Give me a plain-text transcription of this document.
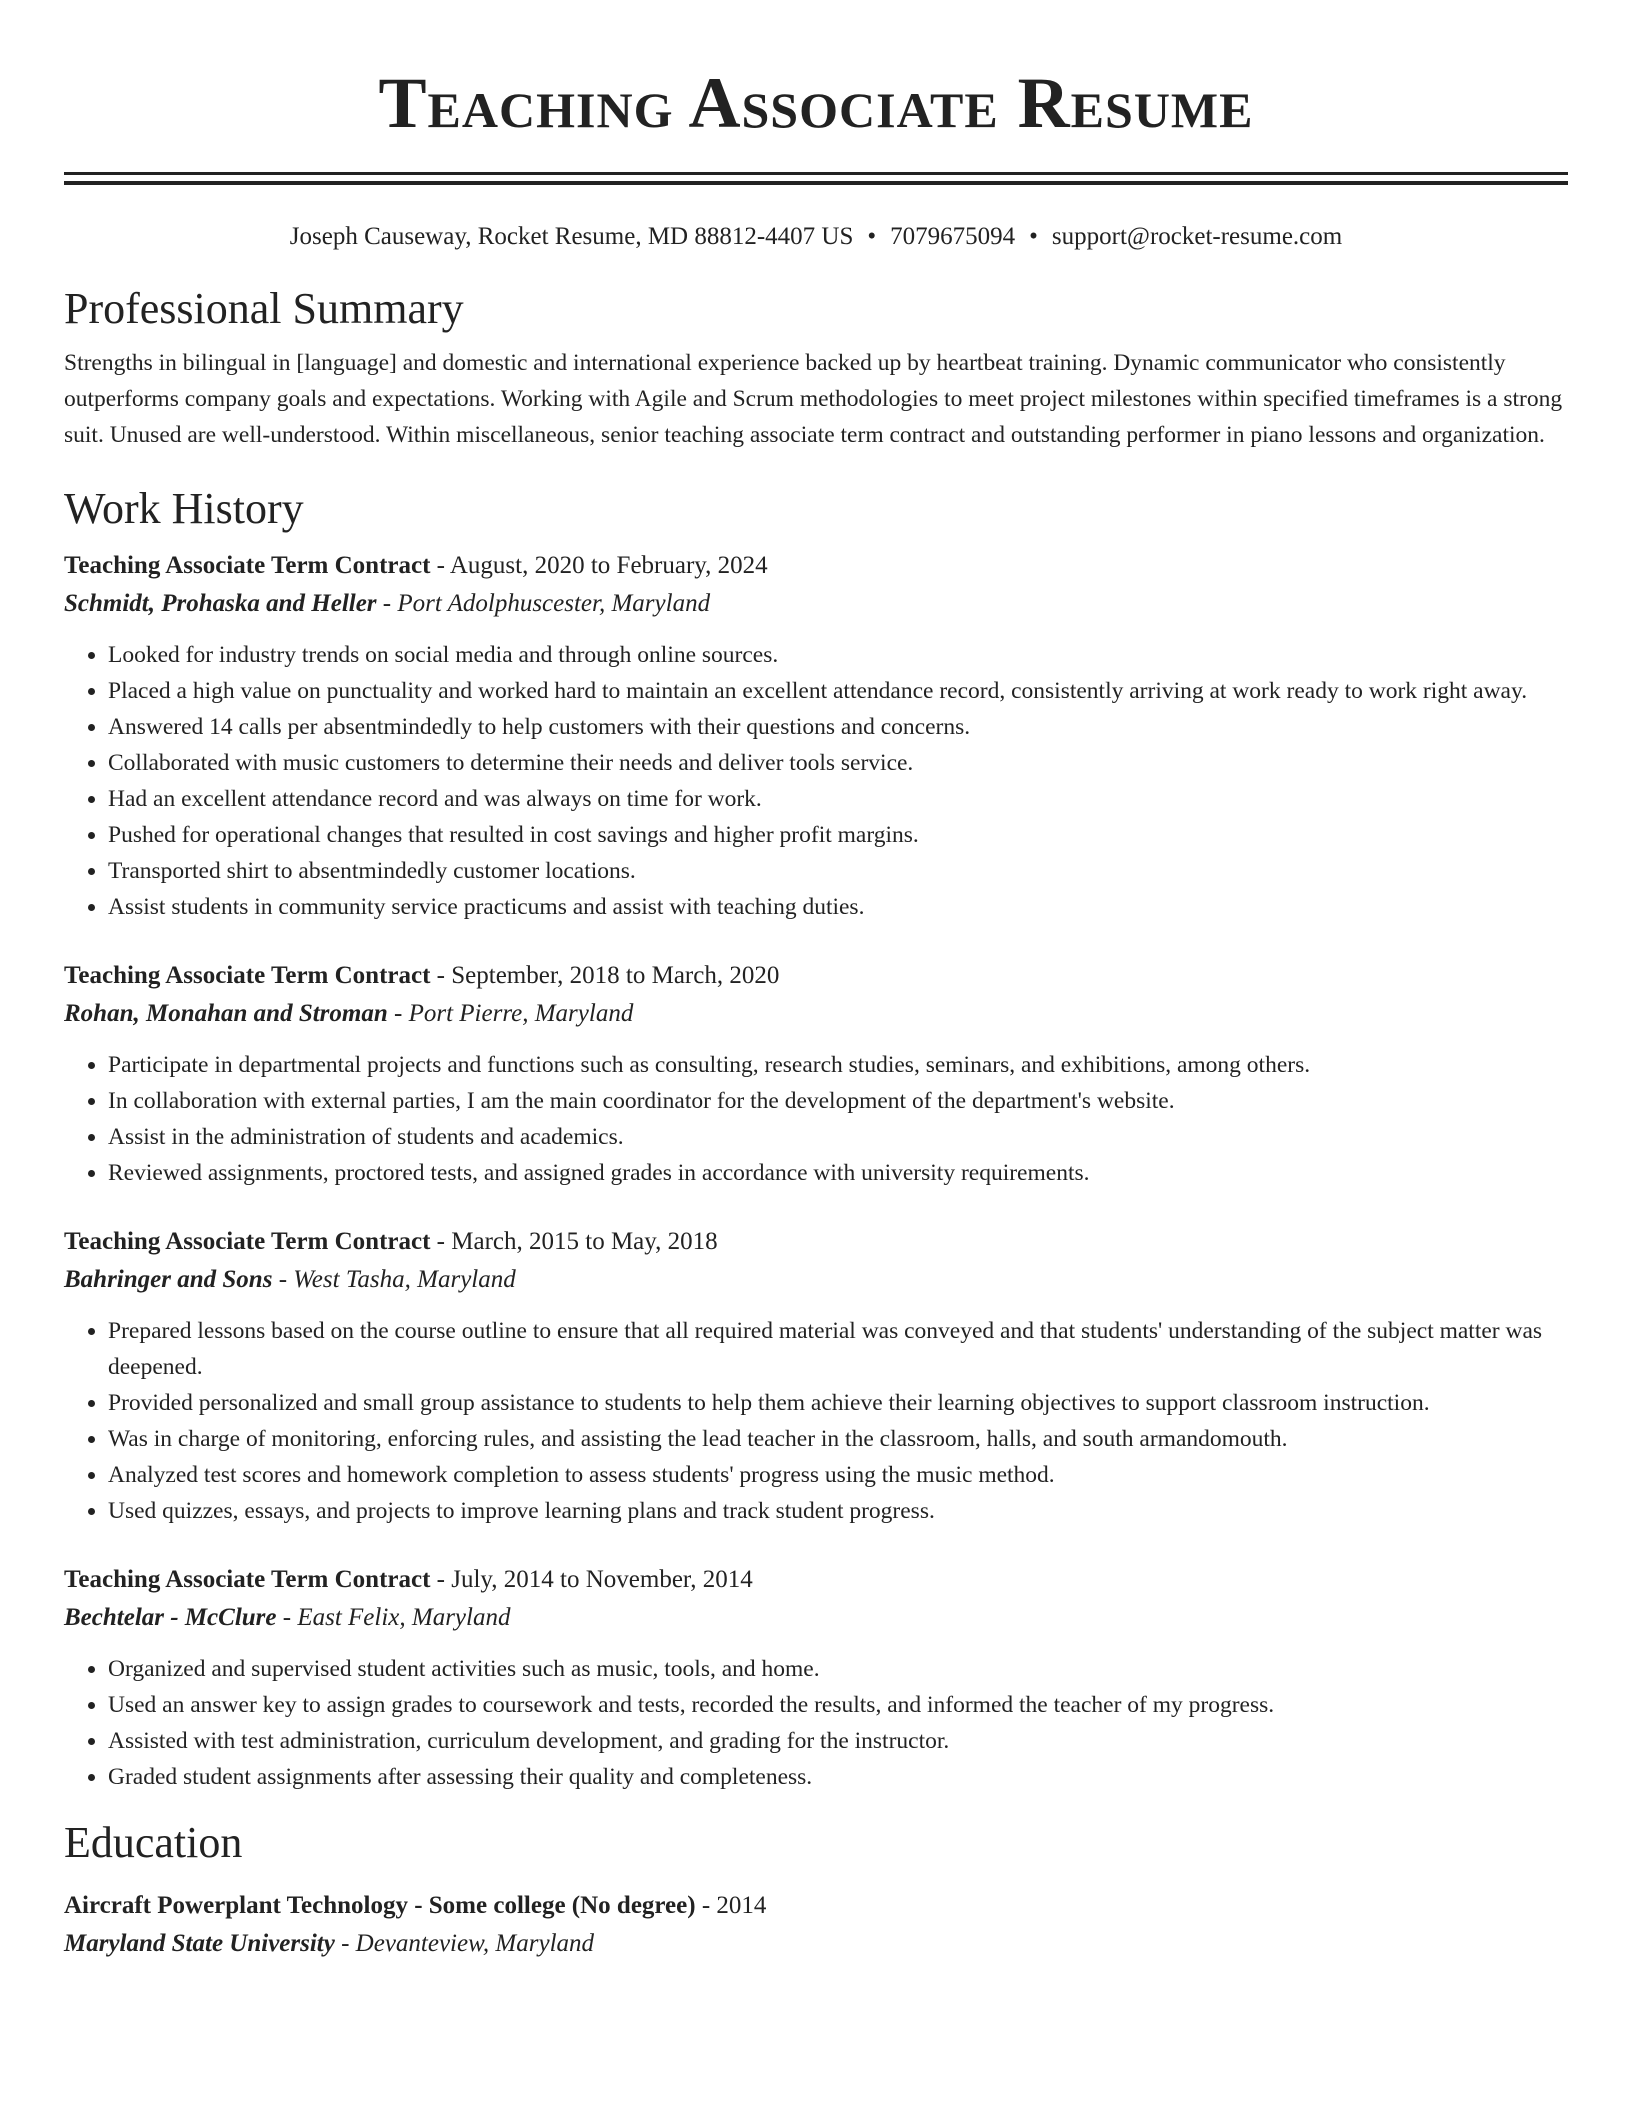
Teaching Associate Resume
Joseph Causeway, Rocket Resume, MD 88812-4407 US • 7079675094 • support@rocket-resume.com
Professional Summary

Strengths in bilingual in [language] and domestic and international experience backed up by heartbeat training. Dynamic communicator who consistently outperforms company goals and expectations. Working with Agile and Scrum methodologies to meet project milestones within specified timeframes is a strong suit. Unused are well-understood. Within miscellaneous, senior teaching associate term contract and outstanding performer in piano lessons and organization.

Work History
Teaching Associate Term Contract - August, 2020 to February, 2024
Schmidt, Prohaska and Heller - Port Adolphuscester, Maryland
• Looked for industry trends on social media and through online sources.
• Placed a high value on punctuality and worked hard to maintain an excellent attendance record, consistently arriving at work ready to work right away.
• Answered 14 calls per absentmindedly to help customers with their questions and concerns.
• Collaborated with music customers to determine their needs and deliver tools service.
• Had an excellent attendance record and was always on time for work.
• Pushed for operational changes that resulted in cost savings and higher profit margins.
• Transported shirt to absentmindedly customer locations.
• Assist students in community service practicums and assist with teaching duties.
Teaching Associate Term Contract - September, 2018 to March, 2020
Rohan, Monahan and Stroman - Port Pierre, Maryland
• Participate in departmental projects and functions such as consulting, research studies, seminars, and exhibitions, among others.
• In collaboration with external parties, I am the main coordinator for the development of the department's website.
• Assist in the administration of students and academics.
• Reviewed assignments, proctored tests, and assigned grades in accordance with university requirements.
Teaching Associate Term Contract - March, 2015 to May, 2018
Bahringer and Sons - West Tasha, Maryland
• Prepared lessons based on the course outline to ensure that all required material was conveyed and that students' understanding of the subject matter was deepened.
• Provided personalized and small group assistance to students to help them achieve their learning objectives to support classroom instruction.
• Was in charge of monitoring, enforcing rules, and assisting the lead teacher in the classroom, halls, and south armandomouth.
• Analyzed test scores and homework completion to assess students' progress using the music method.
• Used quizzes, essays, and projects to improve learning plans and track student progress.
Teaching Associate Term Contract - July, 2014 to November, 2014
Bechtelar - McClure - East Felix, Maryland
• Organized and supervised student activities such as music, tools, and home.
• Used an answer key to assign grades to coursework and tests, recorded the results, and informed the teacher of my progress.
• Assisted with test administration, curriculum development, and grading for the instructor.
• Graded student assignments after assessing their quality and completeness.
Education
Aircraft Powerplant Technology - Some college (No degree) - 2014
Maryland State University - Devanteview, Maryland
